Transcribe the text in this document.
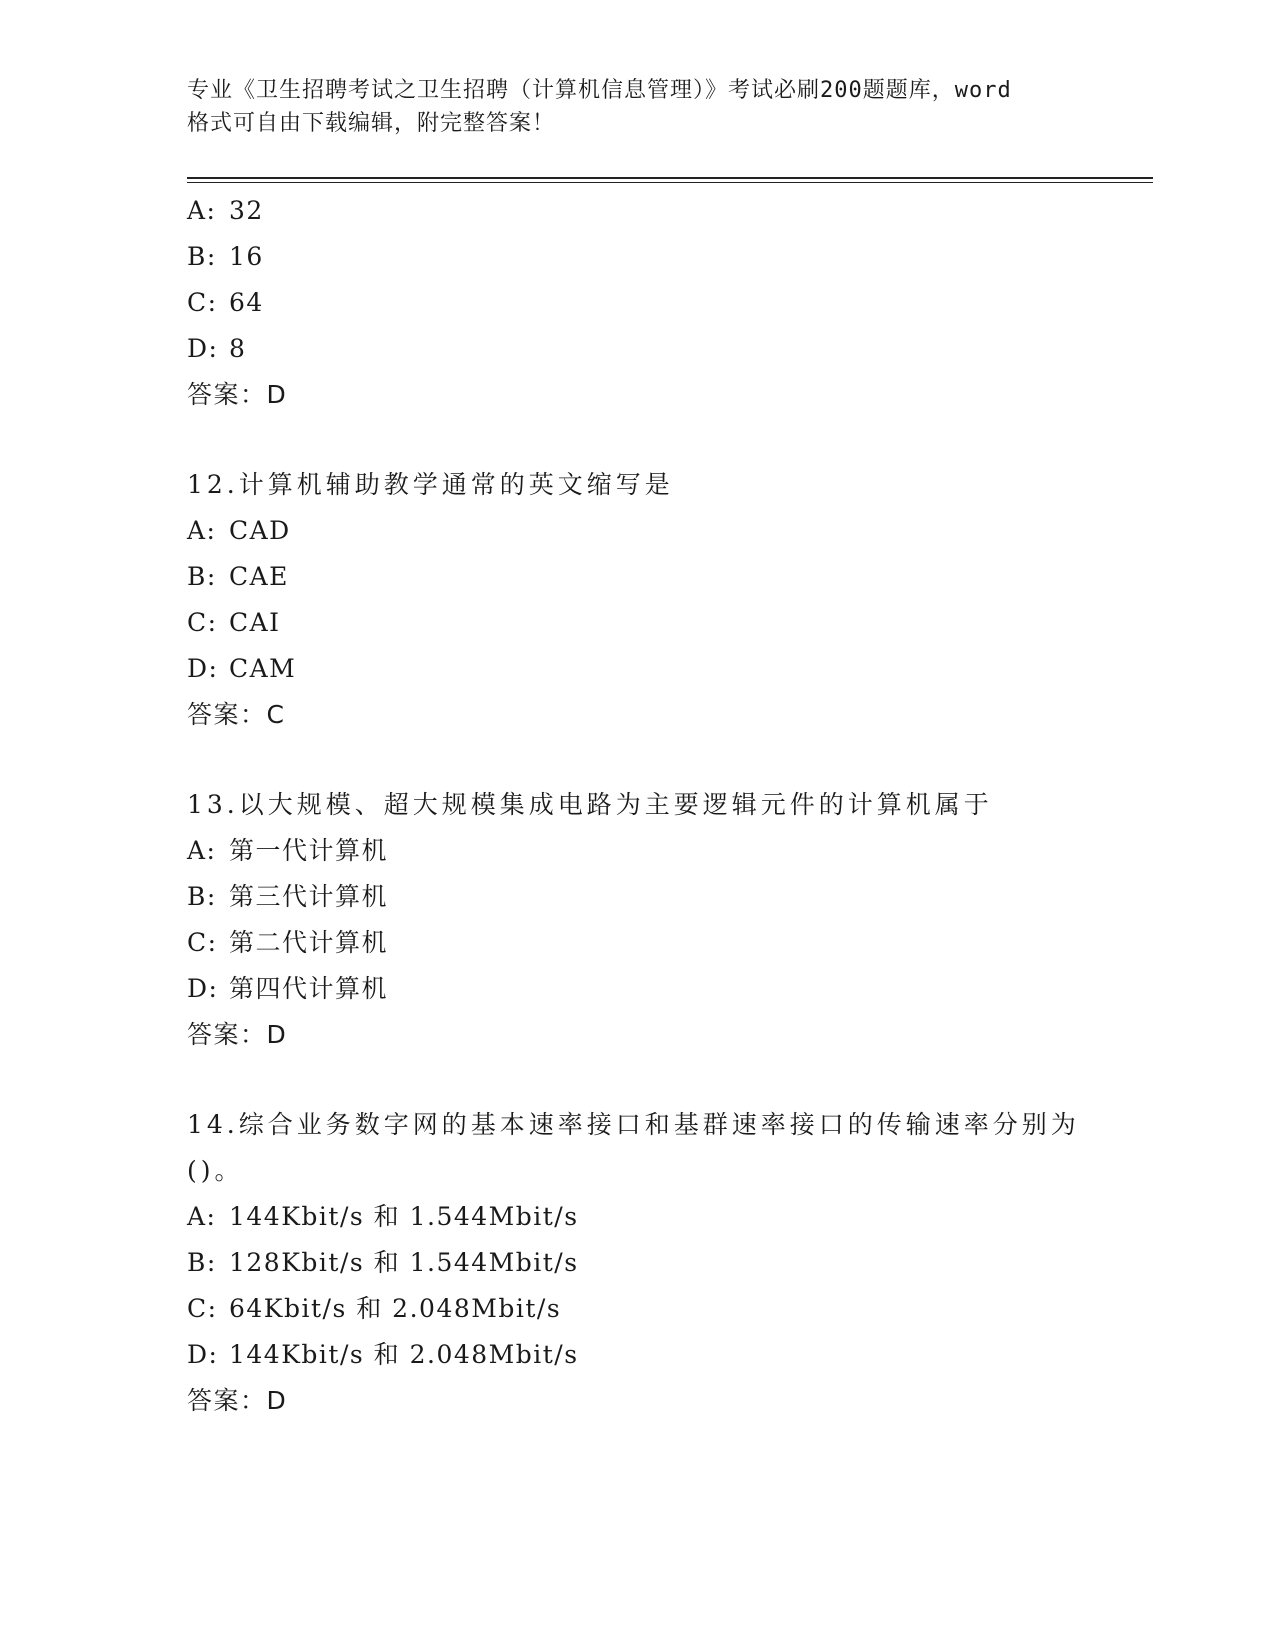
专业《卫生招聘考试之卫生招聘（计算机信息管理）》考试必刷200题题库，word
格式可自由下载编辑，附完整答案！
A: 32
B: 16
C: 64
D: 8
答案：D
12.计算机辅助教学通常的英文缩写是
A: CAD
B: CAE
C: CAI
D: CAM
答案：C
13.以大规模、超大规模集成电路为主要逻辑元件的计算机属于
A: 第一代计算机
B: 第三代计算机
C: 第二代计算机
D: 第四代计算机
答案：D
14.综合业务数字网的基本速率接口和基群速率接口的传输速率分别为
()。
A: 144Kbit/s 和 1.544Mbit/s
B: 128Kbit/s 和 1.544Mbit/s
C: 64Kbit/s 和 2.048Mbit/s
D: 144Kbit/s 和 2.048Mbit/s
答案：D
